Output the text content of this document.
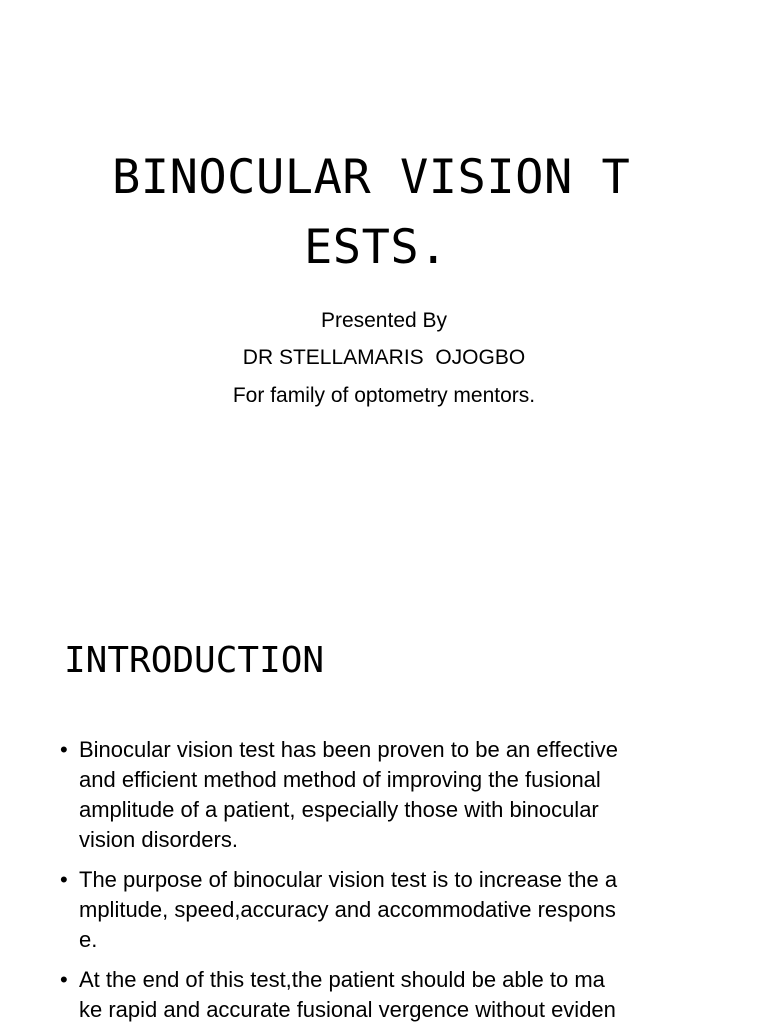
BINOCULAR VISION T
ESTS.
Presented By
DR STELLAMARIS  OJOGBO
For family of optometry mentors.
INTRODUCTION
• Binocular vision test has been proven to be an effective
and efficient method method of improving the fusional
amplitude of a patient, especially those with binocular
vision disorders.
• The purpose of binocular vision test is to increase the a
mplitude, speed,accuracy and accommodative respons
e.
• At the end of this test,the patient should be able to ma
ke rapid and accurate fusional vergence without eviden
